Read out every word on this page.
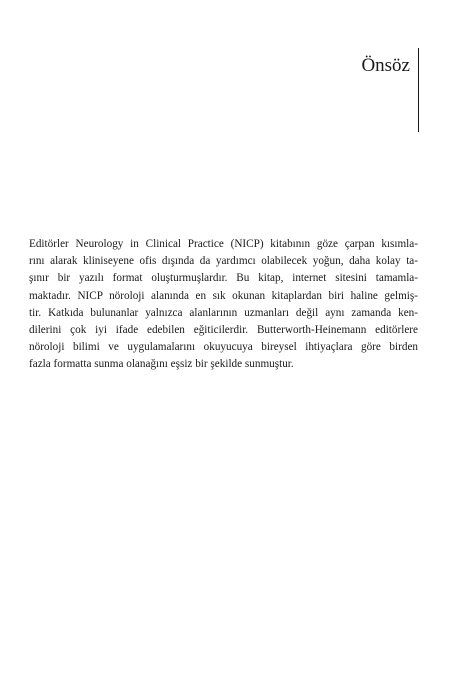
Önsöz
Editörler Neurology in Clinical Practice (NICP) kitabının göze çarpan kısımla-
rını alarak kliniseyene ofis dışında da yardımcı olabilecek yoğun, daha kolay ta-
şınır bir yazılı format oluşturmuşlardır. Bu kitap, internet sitesini tamamla-
maktadır. NICP nöroloji alanında en sık okunan kitaplardan biri haline gelmiş-
tir. Katkıda bulunanlar yalnızca alanlarının uzmanları değil aynı zamanda ken-
dilerini çok iyi ifade edebilen eğiticilerdir. Butterworth-Heinemann editörlere
nöroloji bilimi ve uygulamalarını okuyucuya bireysel ihtiyaçlara göre birden
fazla formatta sunma olanağını eşsiz bir şekilde sunmuştur.
